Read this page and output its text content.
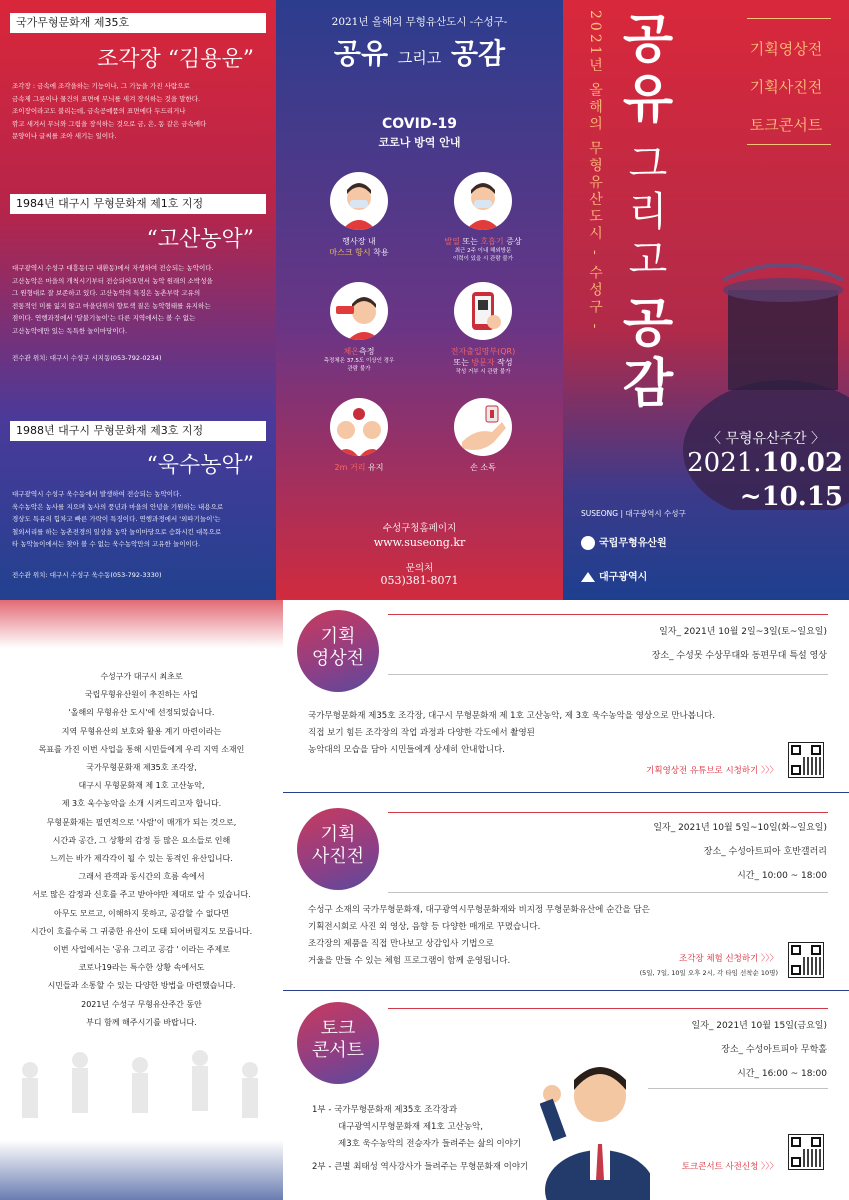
국가무형문화재 제35호
조각장 “김용운”
조각장 : 금속에 조각을하는 기능이나, 그 기능을 가진 사람으로
금속제 그릇이나 물건의 표면에 무늬를 새겨 장식하는 것을 말한다.
조이장이라고도 불리는데, 금속공예품의 표면에다 두드리거나
깎고 새겨서 무늬와 그림을 장식하는 것으로 금, 은, 동 같은 금속에다
문양이나 글씨를 조아 새기는 일이다.
1984년 대구시 무형문화재 제1호 지정
“고산농악”
대구광역시 수성구 대흥동(구 내환동)에서 자생하여 전승되는 농악이다.
고산농악은 마을의 개척시기부터 전승되어오면서 농악 원래의 소박성을
그 원형대로 잘 보존하고 있다. 고산농악의 특징은 농촌부락 고유의
전통적인 미를 잃지 않고 마을단위의 향토색 짙은 농악형태를 유지하는
점이다. 연행과정에서 '달불기놀이'는 다른 지역에서는 볼 수 없는
고산농악에만 있는 독특한 놀이마당이다.
전수관 위치: 대구시 수성구 시지동(053-792-0234)
1988년 대구시 무형문화재 제3호 지정
“욱수농악”
대구광역시 수성구 욱수동에서 발생하여 전승되는 농악이다.
욱수농악은 농사를 지으며 농사의 풍년과 마을의 안녕을 기원하는 내용으로
경상도 특유의 힘차고 빠른 가락이 특징이다. 연행과정에서 '외따기놀이'는
철외서리를 하는 농촌전경의 일상을 농악 놀이마당으로 승화시킨 대목으로
타 농악놀이에서는 찾아 볼 수 없는 욱수농악만의 고유한 놀이이다.
전수관 위치: 대구시 수성구 욱수동(053-792-3330)
2021년 올해의 무형유산도시 -수성구-
공유 그리고 공감
COVID-19
코로나 방역 안내
행사장 내
마스크 항시 착용
발열 또는 호흡기 증상
최근 2주 이내 해외방문
이력이 있을 시 관람 불가
체온측정
측정체온 37.5도 이상인 경우
관람 불가
전자출입명부(QR)
또는 방문자 작성
작성 거부 시 관람 불가
2m 거리 유지	손 소독
수성구청홈페이지
www.suseong.kr
문의처
053)381-8071
2021년 올해의 무형유산도시 - 수성구 - 공
유
그
리
고
공
감
기획영상전
기획사진전
토크콘서트
〈 무형유산주간 〉
2021.10.02
~10.15
SUSEONG | 대구광역시 수성구
국립무형유산원
대구광역시
수성구가 대구시 최초로
국립무형유산원이 추진하는 사업
'올해의 무형유산 도시'에 선정되었습니다.
지역 무형유산의 보호와 활용 계기 마련이라는
목표를 가진 이번 사업을 통해 시민들에게 우리 지역 소재인
국가무형문화재 제35호 조각장,
대구시 무형문화재 제 1호 고산농악,
제 3호 욱수농악을 소개 시켜드리고자 합니다.
무형문화재는 필연적으로 '사람'이 매개가 되는 것으로,
시간과 공간, 그 상황의 감정 등 많은 요소들로 인해
느끼는 바가 제각각이 될 수 있는 동적인 유산입니다.
그래서 관객과 동시간의 흐름 속에서
서로 많은 감정과 신호를 주고 받아야만 제대로 알 수 있습니다.
아무도 모르고, 이해하지 못하고, 공감할 수 없다면
시간이 흐를수록 그 귀중한 유산이 도태 되어버릴지도 모릅니다.
이번 사업에서는 '공유 그리고 공감 ' 이라는 주제로
코로나19라는 특수한 상황 속에서도
시민들과 소통할 수 있는 다양한 방법을 마련했습니다.
2021년 수성구 무형유산주간 동안
부디 함께 해주시기를 바랍니다.
기획
영상전
일자_ 2021년 10월 2일~3일(토~일요일)
장소_ 수성못 수상무대와 동편무대 특설 영상
국가무형문화재 제35호 조각장, 대구시 무형문화재 제 1호 고산농악, 제 3호 욱수농악을 영상으로 만나봅니다.
직접 보기 힘든 조각장의 작업 과정과 다양한 각도에서 촬영된
농악대의 모습을 담아 시민들에게 상세히 안내합니다.
기획영상전 유튜브로 시청하기 〉〉〉
기획
사진전
일자_ 2021년 10월 5일~10일(화~일요일)
장소_ 수성아트피아 호반갤러리
시간_ 10:00 ~ 18:00
수성구 소재의 국가무형문화재, 대구광역시무형문화재와 비지정 무형문화유산에 순간을 담은
기획전시회로 사진 외 영상, 음향 등 다양한 매개로 꾸몄습니다.
조각장의 제품을 직접 만나보고 상감입사 기법으로
거울을 만들 수 있는 체험 프로그램이 함께 운영됩니다.	조각장 체험 신청하기 〉〉〉
(5일, 7일, 10일 오후 2시, 각 타임 선착순 10명)
토크
콘서트
일자_ 2021년 10월 15일(금요일)
장소_ 수성아트피아 무학홀
시간_ 16:00 ~ 18:00
1부 - 국가무형문화재 제35호 조각장과
대구광역시무형문화재 제1호 고산농악,
제3호 욱수농악의 전승자가 들려주는 삶의 이야기
2부 - 큰별 최태성 역사강사가 들려주는 무형문화재 이야기	토크콘서트 사전신청 〉〉〉
